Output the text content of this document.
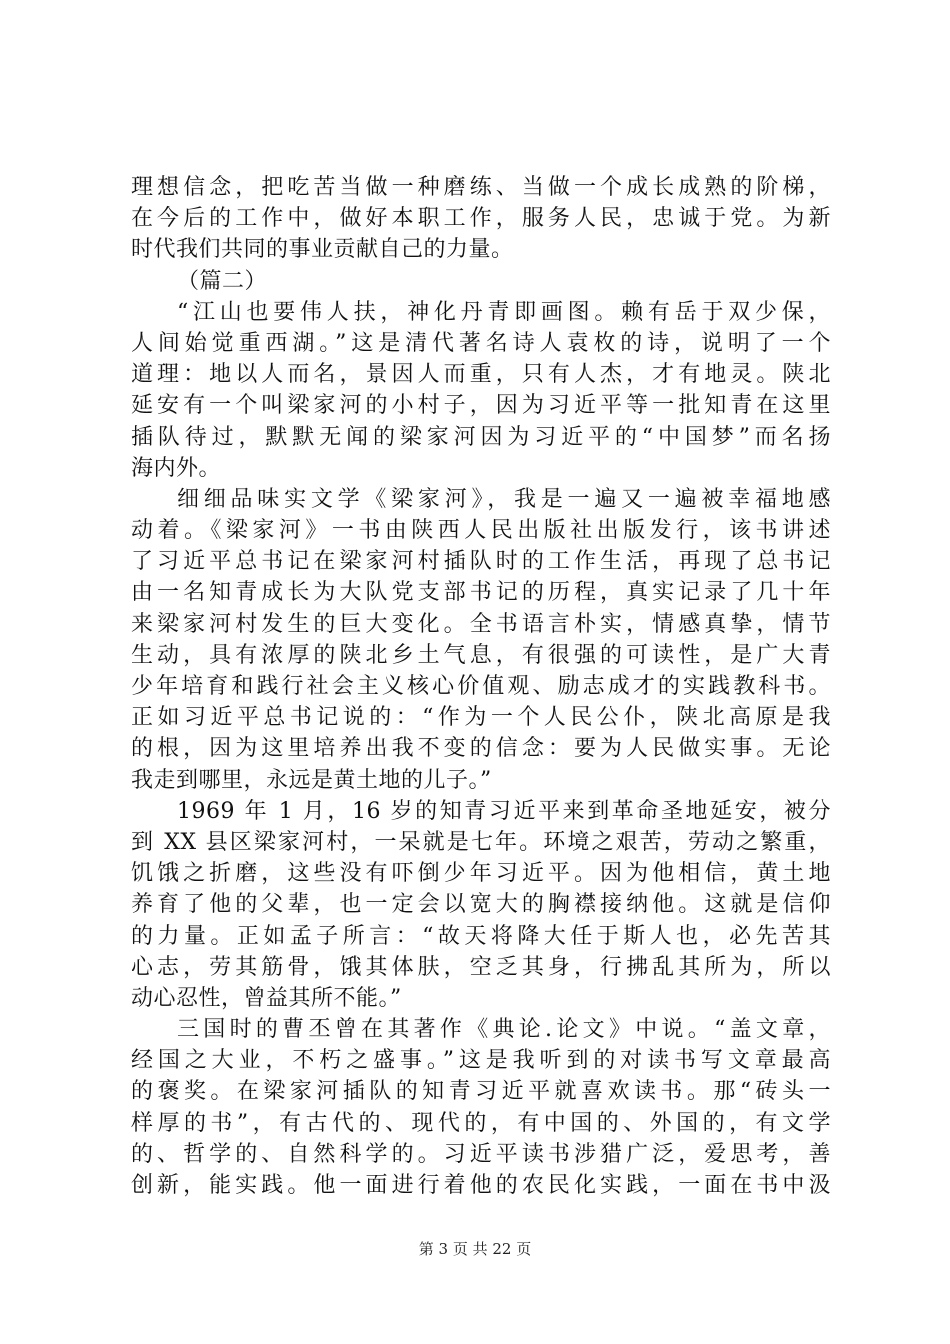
理想信念，把吃苦当做一种磨练、当做一个成长成熟的阶梯，
在今后的工作中，做好本职工作，服务人民，忠诚于党。为新
时代我们共同的事业贡献自己的力量。
（篇二）
“江山也要伟人扶，神化丹青即画图。赖有岳于双少保，
人间始觉重西湖。”这是清代著名诗人袁枚的诗，说明了一个
道理：地以人而名，景因人而重，只有人杰，才有地灵。陕北
延安有一个叫梁家河的小村子，因为习近平等一批知青在这里
插队待过，默默无闻的梁家河因为习近平的“中国梦”而名扬
海内外。
细细品味实文学《梁家河》，我是一遍又一遍被幸福地感
动着。《梁家河》一书由陕西人民出版社出版发行，该书讲述
了习近平总书记在梁家河村插队时的工作生活，再现了总书记
由一名知青成长为大队党支部书记的历程，真实记录了几十年
来梁家河村发生的巨大变化。全书语言朴实，情感真挚，情节
生动，具有浓厚的陕北乡土气息，有很强的可读性，是广大青
少年培育和践行社会主义核心价值观、励志成才的实践教科书。
正如习近平总书记说的：“作为一个人民公仆，陕北高原是我
的根，因为这里培养出我不变的信念：要为人民做实事。无论
我走到哪里，永远是黄土地的儿子。”
1969 年 1 月，16 岁的知青习近平来到革命圣地延安，被分
到 XX 县区梁家河村，一呆就是七年。环境之艰苦，劳动之繁重，
饥饿之折磨，这些没有吓倒少年习近平。因为他相信，黄土地
养育了他的父辈，也一定会以宽大的胸襟接纳他。这就是信仰
的力量。正如孟子所言：“故天将降大任于斯人也，必先苦其
心志，劳其筋骨，饿其体肤，空乏其身，行拂乱其所为，所以
动心忍性，曾益其所不能。”
三国时的曹丕曾在其著作《典论.论文》中说。“盖文章，
经国之大业，不朽之盛事。”这是我听到的对读书写文章最高
的褒奖。在梁家河插队的知青习近平就喜欢读书。那“砖头一
样厚的书”，有古代的、现代的，有中国的、外国的，有文学
的、哲学的、自然科学的。习近平读书涉猎广泛，爱思考，善
创新，能实践。他一面进行着他的农民化实践，一面在书中汲
第 3 页 共 22 页
